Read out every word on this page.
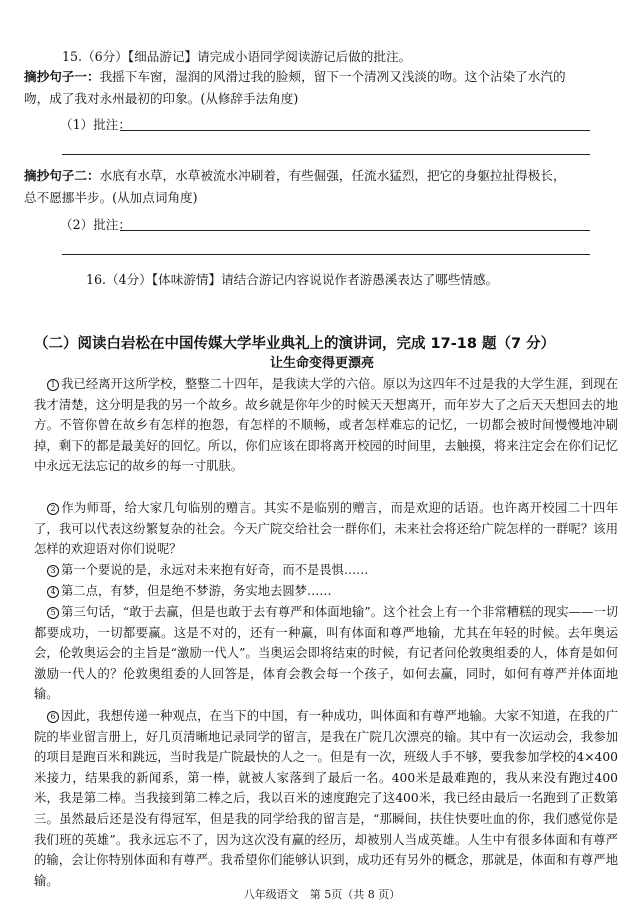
15.（6分）【细品游记】请完成小语同学阅读游记后做的批注。
摘抄句子一：我摇下车窗，湿润的风滑过我的脸颊，留下一个清冽又浅淡的吻。这个沾染了水汽的
吻，成了我对永州最初的印象。(从修辞手法角度)
（1）批注：
摘抄句子二：水底有水草，水草被流水冲刷着，有些倔强，任流水猛烈，把它的身躯拉扯得极长，
总不愿挪半步。(从加点词角度)
（2）批注：
16.（4分）【体味游情】请结合游记内容说说作者游愚溪表达了哪些情感。
（二）阅读白岩松在中国传媒大学毕业典礼上的演讲词，完成 17-18 题（7 分）
让生命变得更漂亮
1 我已经离开这所学校，整整二十四年，是我读大学的六倍。原以为这四年不过是我的大学生涯，到现在我才清楚，这分明是我的另一个故乡。故乡就是你年少的时候天天想离开，而年岁大了之后天天想回去的地方。不管你曾在故乡有怎样的抱怨，有怎样的不顺畅，或者怎样难忘的记忆，一切都会被时间慢慢地冲刷掉，剩下的都是最美好的回忆。所以，你们应该在即将离开校园的时间里，去触摸，将来注定会在你们记忆中永远无法忘记的故乡的每一寸肌肤。
2 作为师哥，给大家几句临别的赠言。其实不是临别的赠言，而是欢迎的话语。也许离开校园二十四年了，我可以代表这纷繁复杂的社会。今天广院交给社会一群你们，未来社会将还给广院怎样的一群呢？该用怎样的欢迎语对你们说呢？
3 第一个要说的是，永远对未来抱有好奇，而不是畏惧……
4 第二点，有梦，但是绝不梦游，务实地去圆梦……
5 第三句话，“敢于去赢，但是也敢于去有尊严和体面地输”。这个社会上有一个非常糟糕的现实——一切都要成功，一切都要赢。这是不对的，还有一种赢，叫有体面和尊严地输，尤其在年轻的时候。去年奥运会，伦敦奥运会的主旨是“激励一代人”。当奥运会即将结束的时候，有记者问伦敦奥组委的人，体育是如何激励一代人的？伦敦奥组委的人回答是，体育会教会每一个孩子，如何去赢，同时，如何有尊严并体面地输。
6 因此，我想传递一种观点，在当下的中国，有一种成功，叫体面和有尊严地输。大家不知道，在我的广院的毕业留言册上，好几页清晰地记录同学的留言，是我在广院几次漂亮的输。其中有一次运动会，我参加的项目是跑百米和跳远，当时我是广院最快的人之一。但是有一次，班级人手不够，要我参加学校的4×400米接力，结果我的新闻系，第一棒，就被人家落到了最后一名。400米是最难跑的，我从来没有跑过400米，我是第二棒。当我接到第二棒之后，我以百米的速度跑完了这400米，我已经由最后一名跑到了正数第三。虽然最后还是没有得冠军，但是我的同学给我的留言是，“那瞬间，扶住快要吐血的你，我们感觉你是我们班的英雄”。我永远忘不了，因为这次没有赢的经历，却被别人当成英雄。人生中有很多体面和有尊严的输，会让你特别体面和有尊严。我希望你们能够认识到，成功还有另外的概念，那就是，体面和有尊严地输。
八年级语文　第 5页（共 8 页）
